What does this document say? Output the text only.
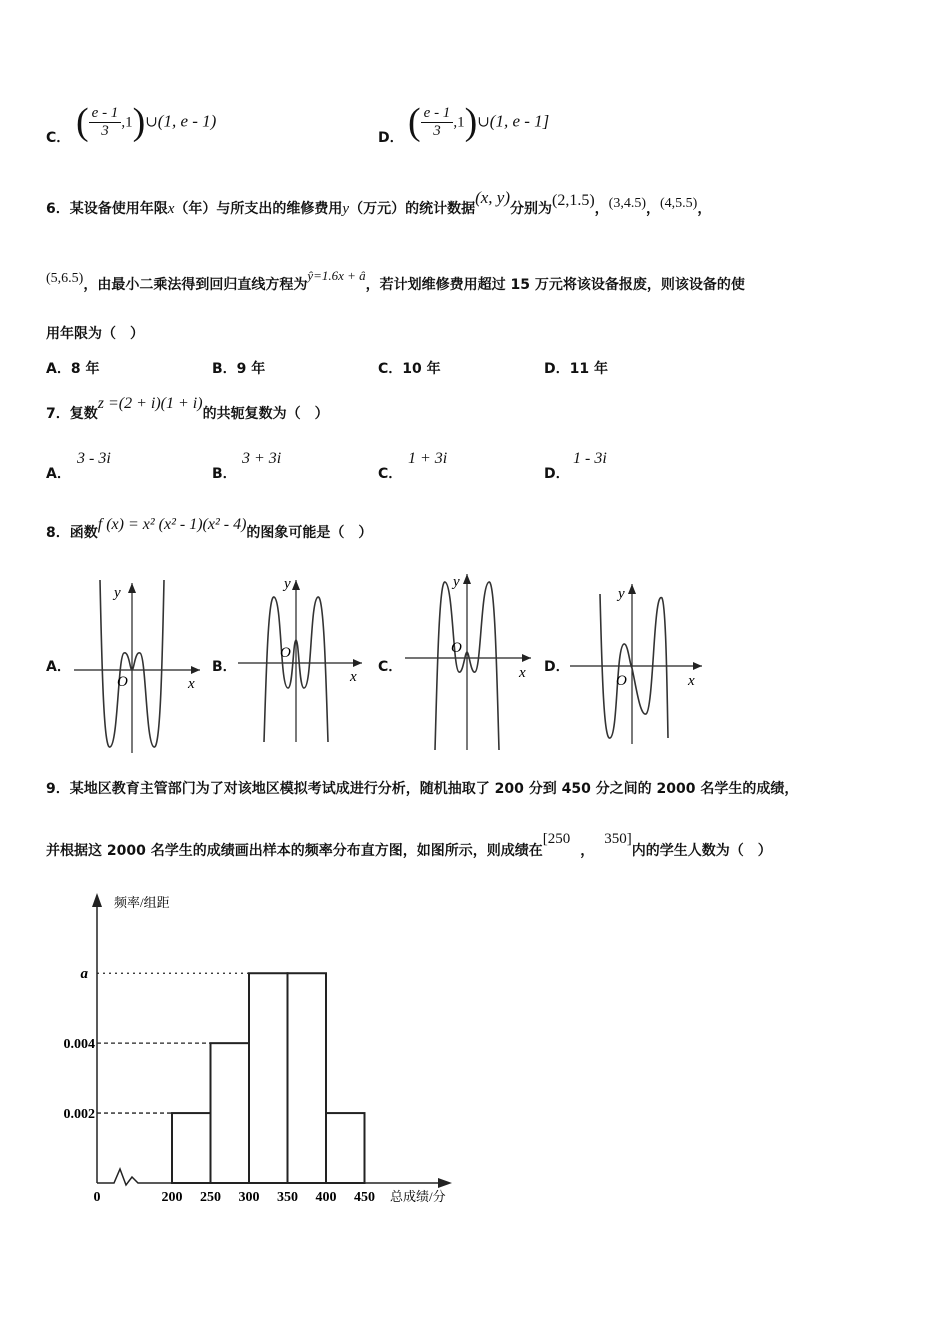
C． ( $\frac{e - 1}{3}$ ,1)∪(1, e - 1)
D． ( $\frac{e - 1}{3}$ ,1)∪(1, e - 1]
6．某设备使用年限x（年）与所支出的维修费用y（万元）的统计数据(x, y)分别为(2,1.5)，(3,4.5)，(4,5.5)，
(5,6.5)，由最小二乘法得到回归直线方程为ŷ=1.6x + â，若计划维修费用超过 15 万元将该设备报废，则该设备的使
用年限为（　）
A．8 年	B．9 年	C．10 年	D．11 年
7．复数z =(2 + i)(1 + i)的共轭复数为（　）
A．
3 - 3i
B．
3 + 3i
C．
1 + 3i
D．
1 - 3i
8．函数f (x) = x² (x² - 1)(x² - 4)的图象可能是（　）
A．	B．	C．	D．
y
x
O
y
x
O
y
x
O
y
x
O
9．某地区教育主管部门为了对该地区模拟考试成进行分析，随机抽取了 200 分到 450 分之间的 2000 名学生的成绩，
并根据这 2000 名学生的成绩画出样本的频率分布直方图，如图所示，则成绩在[250，350]内的学生人数为（　）
频率/组距
总成绩/分
0
0.002
0.004
a
200 250 300 350 400 450
